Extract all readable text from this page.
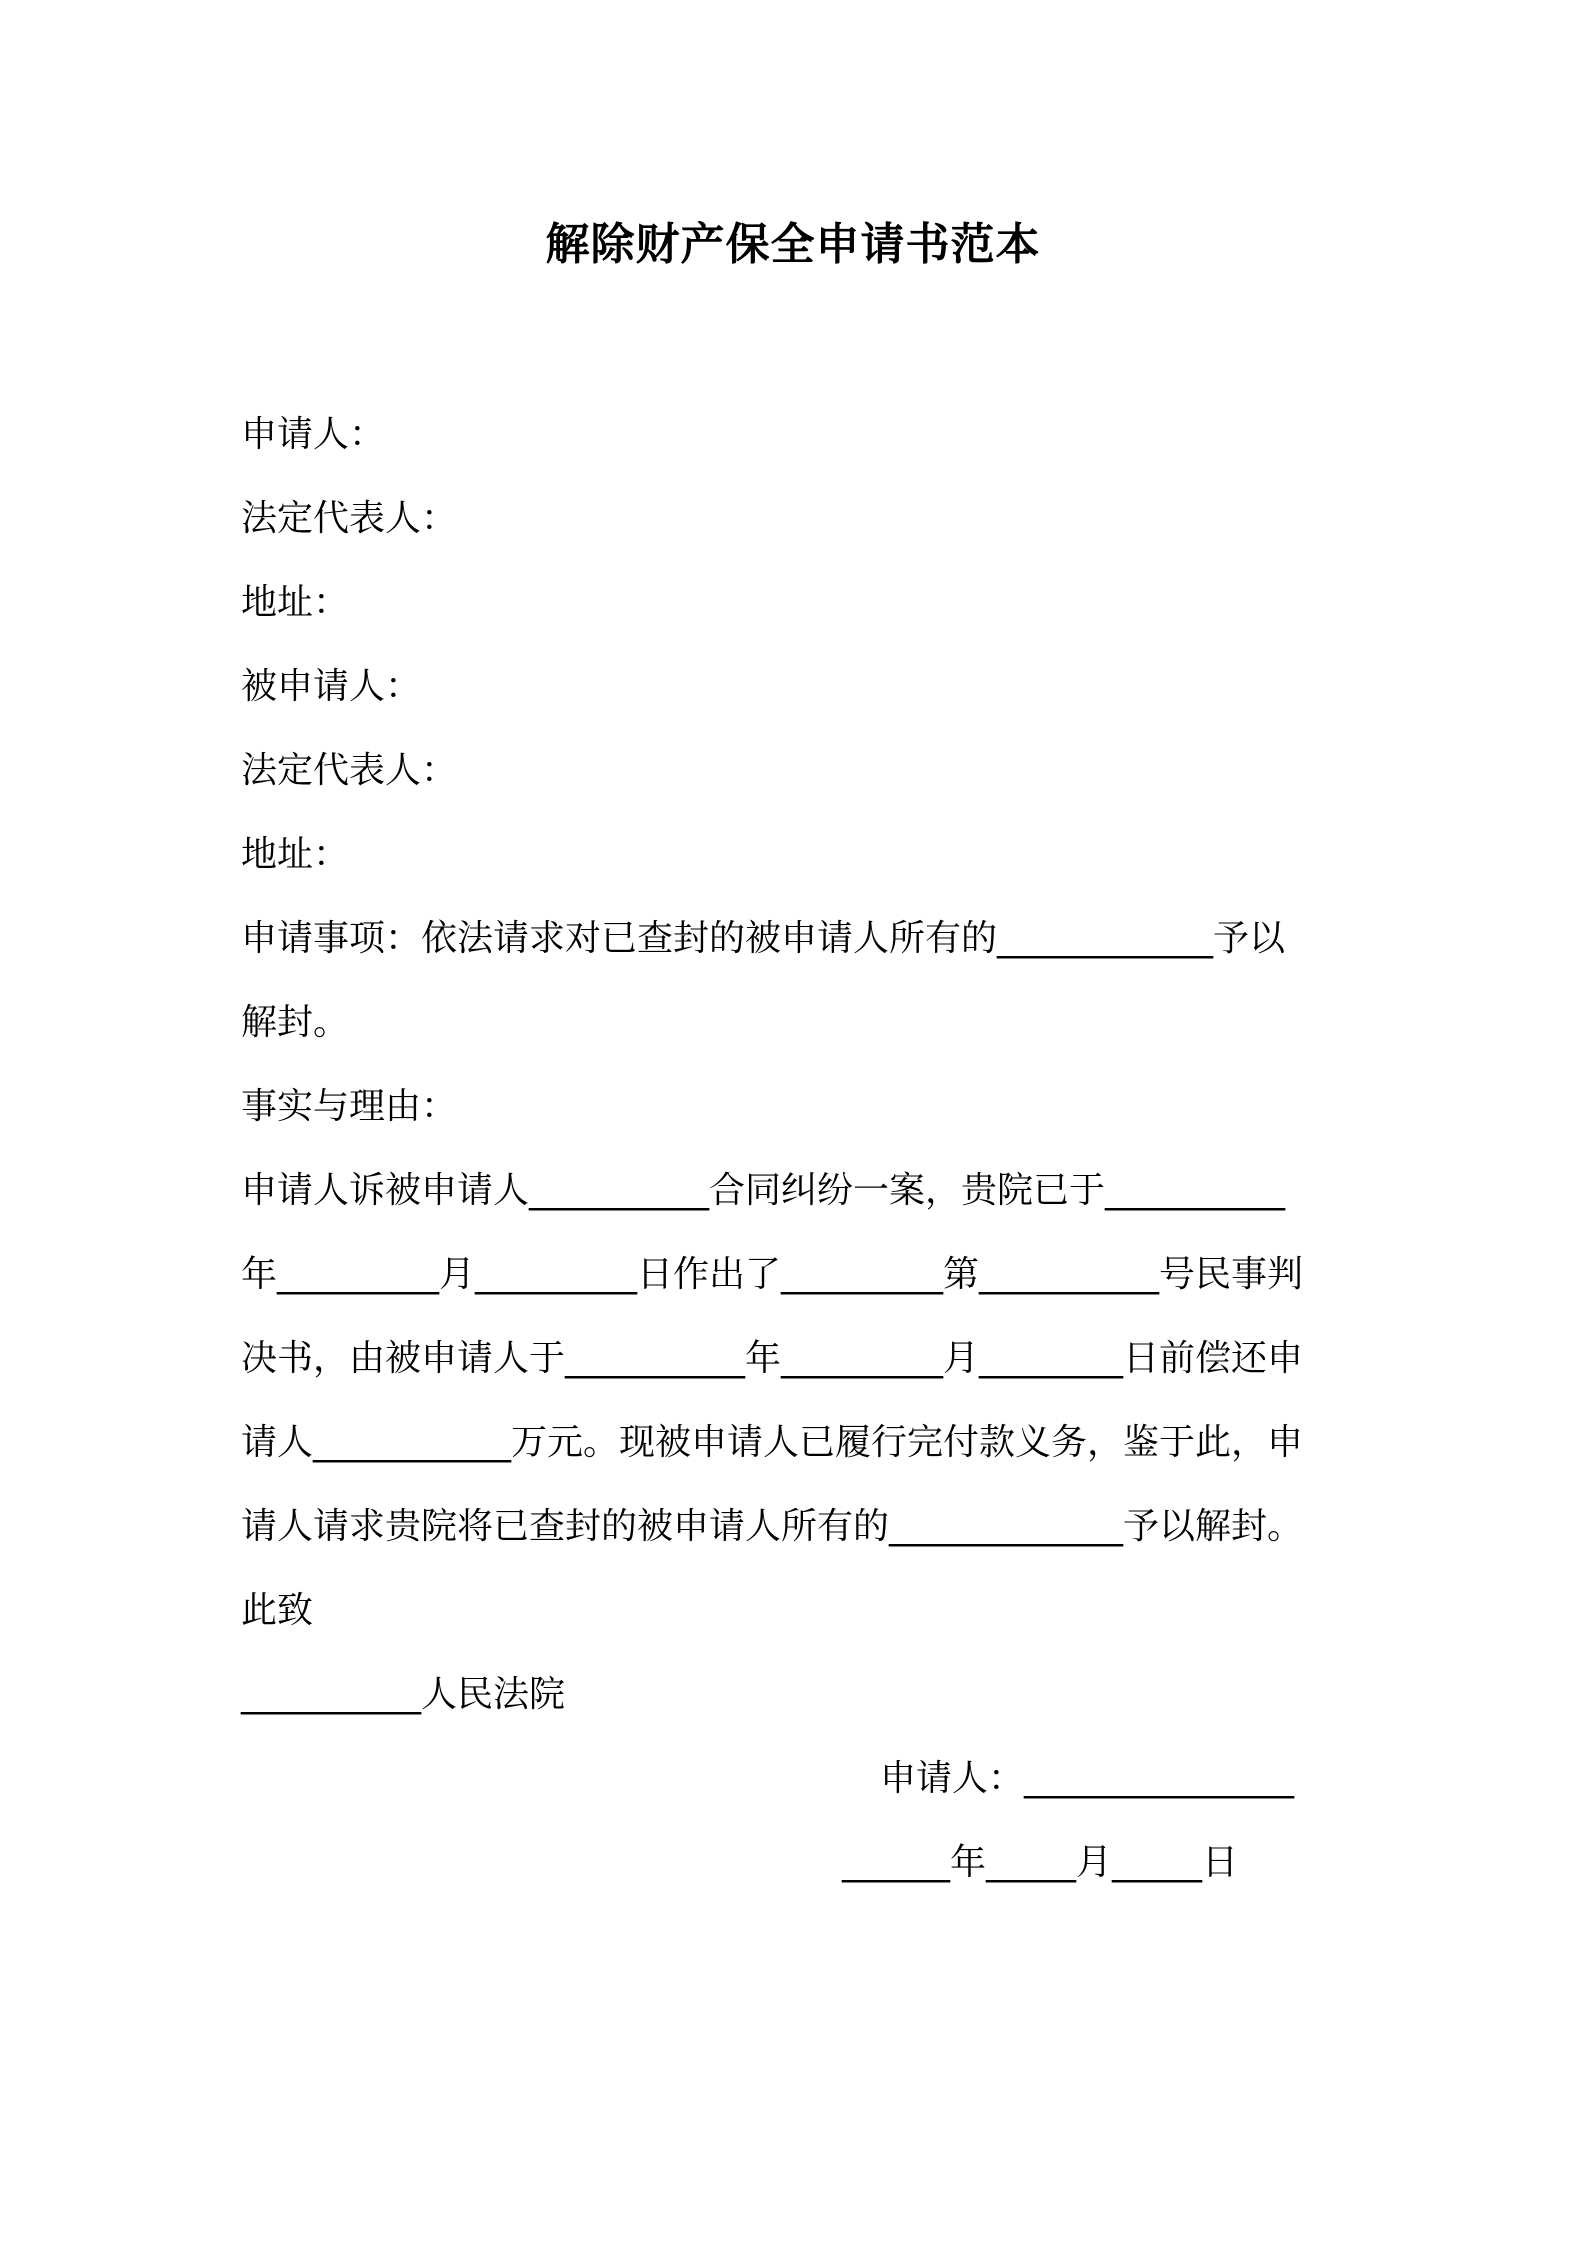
解除财产保全申请书范本
申请人：
法定代表人：
地址：
被申请人：
法定代表人：
地址：
申请事项：依法请求对已查封的被申请人所有的____________予以
解封。
事实与理由：
申请人诉被申请人__________合同纠纷一案，贵院已于__________
年_________月_________日作出了_________第__________号民事判
决书，由被申请人于__________年_________月________日前偿还申
请人___________万元。现被申请人已履行完付款义务，鉴于此，申
请人请求贵院将已查封的被申请人所有的_____________予以解封。
此致
__________人民法院
申请人：_______________
______年_____月_____日
